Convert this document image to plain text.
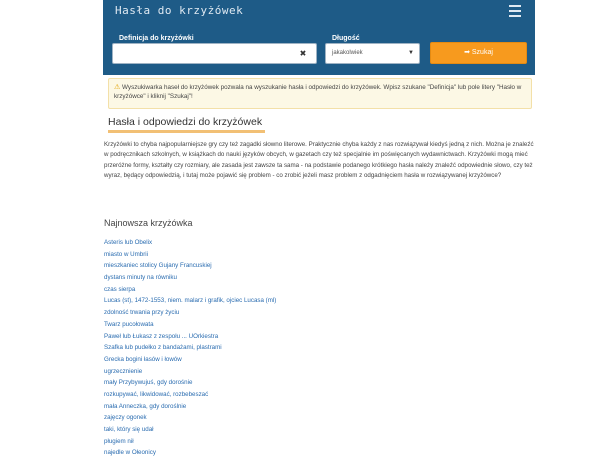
Hasła do krzyżówek
Definicja do krzyżówki
✖
Długość
jakakolwiek	▼	➡ Szukaj
⚠ Wyszukiwarka haseł do krzyżówek pozwala na wyszukanie hasła i odpowiedzi do krzyżówek. Wpisz szukane "Definicja" lub pole litery "Hasło w krzyżówce" i kliknij "Szukaj"!
Hasła i odpowiedzi do krzyżówek

Krzyżówki to chyba najpopularniejsze gry czy też zagadki słowno literowe. Praktycznie chyba każdy z nas rozwiązywał kiedyś jedną z nich. Można je znaleźć w podręcznikach szkolnych, w książkach do nauki języków obcych, w gazetach czy też specjalnie im poświęcanych wydawnictwach. Krzyżówki mogą mieć przeróżne formy, kształty czy rozmiary, ale zasada jest zawsze ta sama - na podstawie podanego krótkiego hasła należy znaleźć odpowiednie słowo, czy też wyraz, będący odpowiedzią, i tutaj może pojawić się problem - co zrobić jeżeli masz problem z odgadnięciem hasła w rozwiązywanej krzyżówce?

Najnowsza krzyżówka
Asteris lub Obelix
miasto w Umbrii
mieszkaniec stolicy Gujany Francuskiej
dystans minuty na równiku
czas sierpa
Lucas (st), 1472-1553, niem. malarz i grafik, ojciec Lucasa (ml)
zdolność trwania przy życiu
Twarz pucołowata
Paweł lub Łukasz z zespołu ... UOrkiestra
Szafka lub pudełko z bandażami, plastrami
Grecka bogini łasów i łowów
ugrzecznienie
mały Przybywujuś, gdy dorośnie
rozkupywać, likwidować, rozbebeszać
mała Anneczka, gdy doroślnie
zajęczy ogonek
taki, który się udał
pługiem nił
najedle w Ołeonicy
